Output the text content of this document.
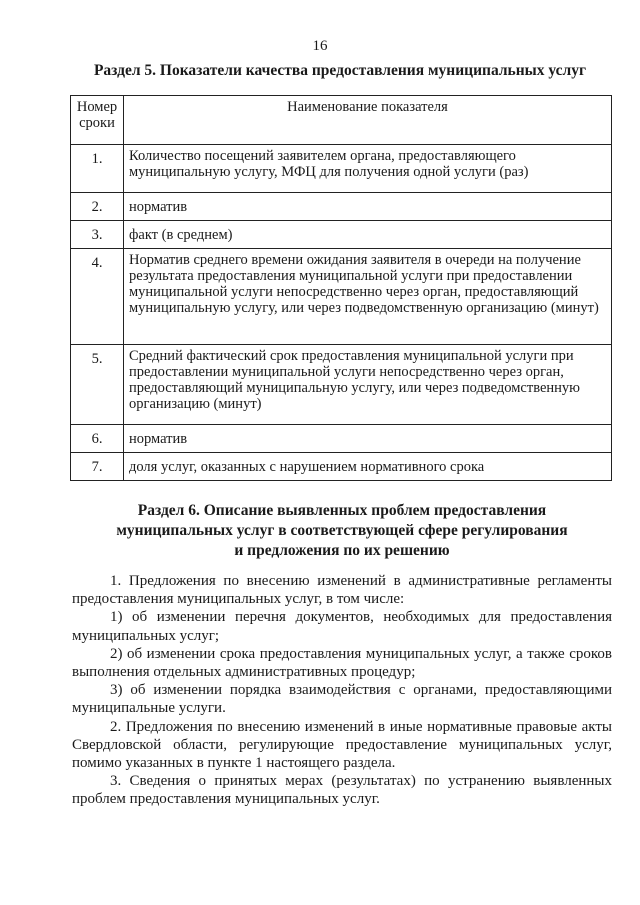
16
Раздел 5. Показатели качества предоставления муниципальных услуг
Номер сроки	Наименование показателя
1.	Количество посещений заявителем органа, предоставляющего муниципальную услугу, МФЦ для получения одной услуги (раз)
2.	норматив
3.	факт (в среднем)
4.	Норматив среднего времени ожидания заявителя в очереди на получение результата предоставления муниципальной услуги при предоставлении муниципальной услуги непосредственно через орган, предоставляющий муниципальную услугу, или через подведомственную организацию (минут)
5.	Средний фактический срок предоставления муниципальной услуги при предоставлении муниципальной услуги непосредственно через орган, предоставляющий муниципальную услугу, или через подведомственную организацию (минут)
6.	норматив
7.	доля услуг, оказанных с нарушением нормативного срока
Раздел 6. Описание выявленных проблем предоставления
муниципальных услуг в соответствующей сфере регулирования
и предложения по их решению

1. Предложения по внесению изменений в административные регламенты предоставления муниципальных услуг, в том числе:

1) об изменении перечня документов, необходимых для предоставления муниципальных услуг;

2) об изменении срока предоставления муниципальных услуг, а также сроков выполнения отдельных административных процедур;

3) об изменении порядка взаимодействия с органами, предоставляющими муниципальные услуги.

2. Предложения по внесению изменений в иные нормативные правовые акты Свердловской области, регулирующие предоставление муниципальных услуг, помимо указанных в пункте 1 настоящего раздела.

3. Сведения о принятых мерах (результатах) по устранению выявленных проблем предоставления муниципальных услуг.
